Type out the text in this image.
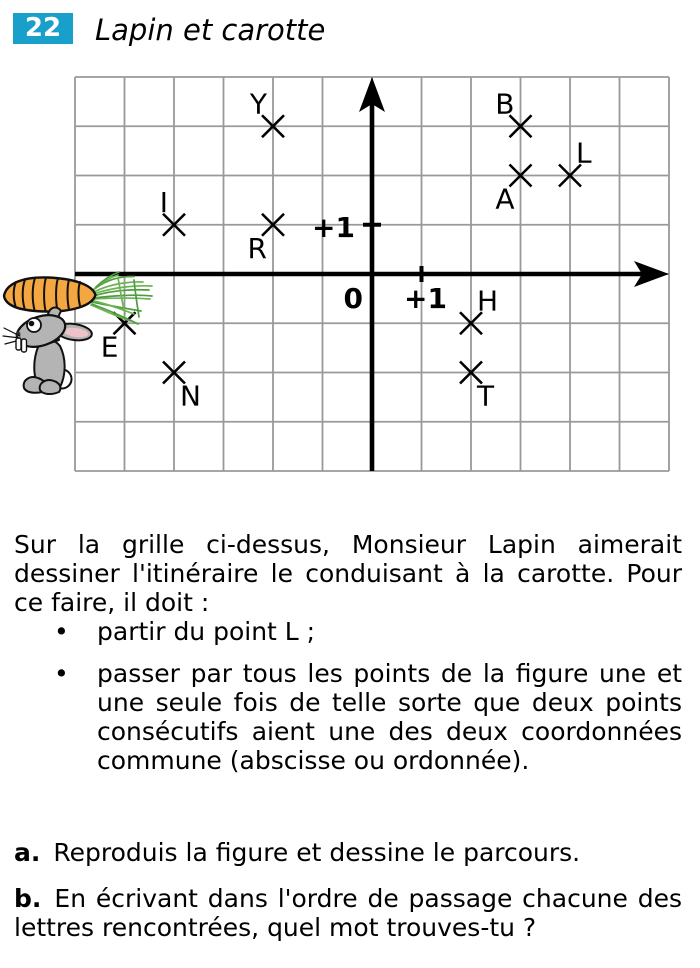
22	Lapin et carotte
0 +1
+1
Y	B
L
A
I
R
E
N
H
T

Sur la grille ci-dessus, Monsieur Lapin aimerait dessiner l'itinéraire le conduisant à la carotte. Pour ce faire, il doit :

• partir du point L ;
• passer par tous les points de la figure une et une seule fois de telle sorte que deux points consécutifs aient une des deux coordonnées commune (abscisse ou ordonnée).

a. Reproduis la figure et dessine le parcours.

b. En écrivant dans l'ordre de passage chacune des lettres rencontrées, quel mot trouves-tu ?
